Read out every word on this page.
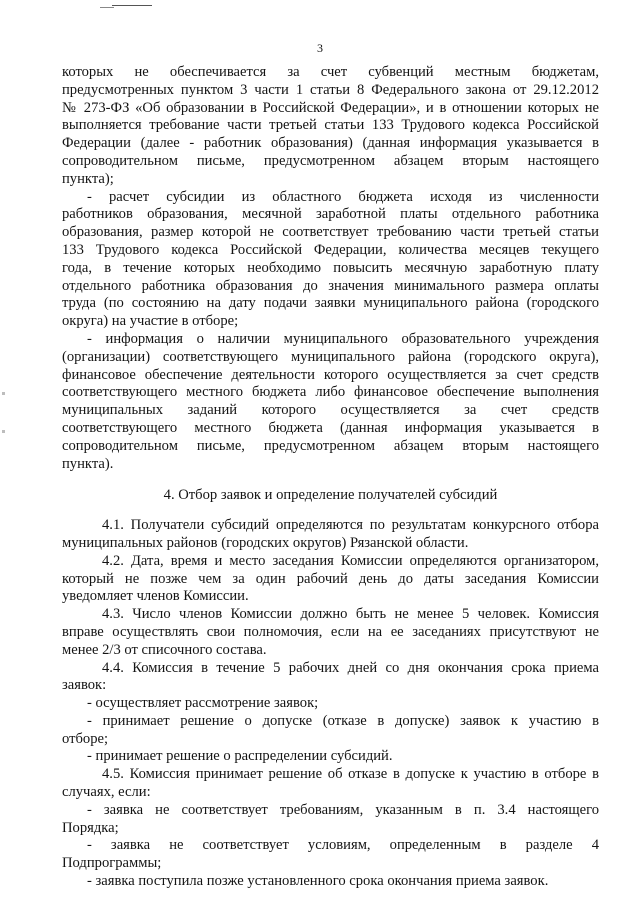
3
которых не обеспечивается за счет субвенций местным бюджетам,
предусмотренных пунктом 3 части 1 статьи 8 Федерального закона от 29.12.2012
№ 273-ФЗ «Об образовании в Российской Федерации», и в отношении которых не
выполняется требование части третьей статьи 133 Трудового кодекса Российской
Федерации (далее - работник образования) (данная информация указывается в
сопроводительном письме, предусмотренном абзацем вторым настоящего
пункта);
- расчет субсидии из областного бюджета исходя из численности
работников образования, месячной заработной платы отдельного работника
образования, размер которой не соответствует требованию части третьей статьи
133 Трудового кодекса Российской Федерации, количества месяцев текущего
года, в течение которых необходимо повысить месячную заработную плату
отдельного работника образования до значения минимального размера оплаты
труда (по состоянию на дату подачи заявки муниципального района (городского
округа) на участие в отборе;
- информация о наличии муниципального образовательного учреждения
(организации) соответствующего муниципального района (городского округа),
финансовое обеспечение деятельности которого осуществляется за счет средств
соответствующего местного бюджета либо финансовое обеспечение выполнения
муниципальных заданий которого осуществляется за счет средств
соответствующего местного бюджета (данная информация указывается в
сопроводительном письме, предусмотренном абзацем вторым настоящего
пункта).
4. Отбор заявок и определение получателей субсидий
4.1. Получатели субсидий определяются по результатам конкурсного отбора
муниципальных районов (городских округов) Рязанской области.
4.2. Дата, время и место заседания Комиссии определяются организатором,
который не позже чем за один рабочий день до даты заседания Комиссии
уведомляет членов Комиссии.
4.3. Число членов Комиссии должно быть не менее 5 человек. Комиссия
вправе осуществлять свои полномочия, если на ее заседаниях присутствуют не
менее 2/3 от списочного состава.
4.4. Комиссия в течение 5 рабочих дней со дня окончания срока приема
заявок:
- осуществляет рассмотрение заявок;
- принимает решение о допуске (отказе в допуске) заявок к участию в
отборе;
- принимает решение о распределении субсидий.
4.5. Комиссия принимает решение об отказе в допуске к участию в отборе в
случаях, если:
- заявка не соответствует требованиям, указанным в п. 3.4 настоящего
Порядка;
- заявка не соответствует условиям, определенным в разделе 4
Подпрограммы;
- заявка поступила позже установленного срока окончания приема заявок.
